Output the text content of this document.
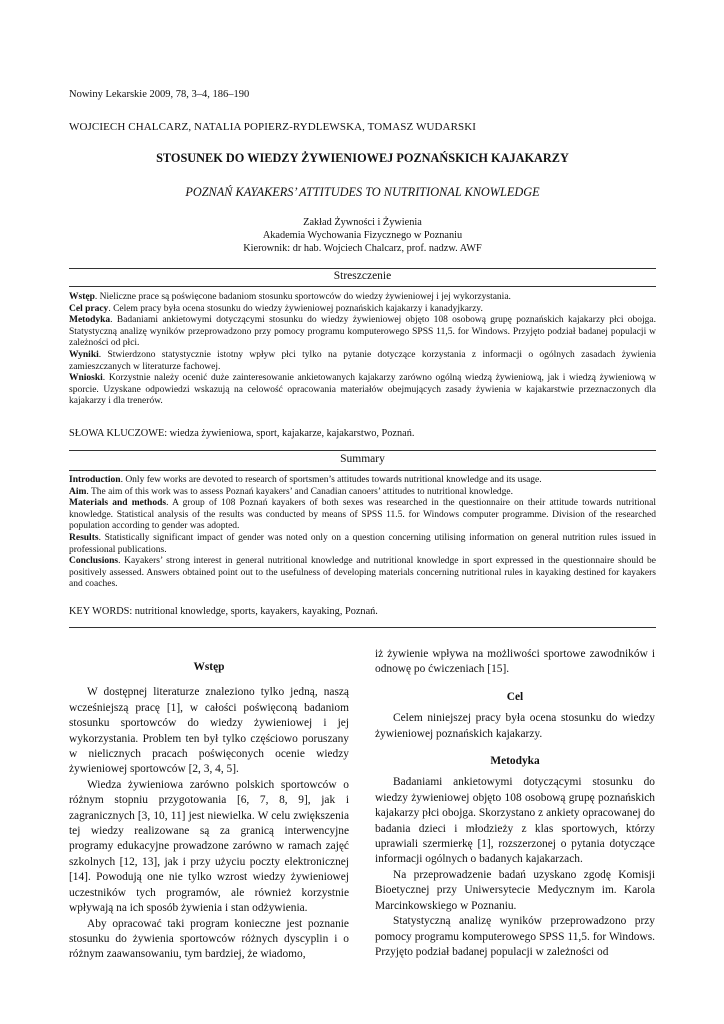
Nowiny Lekarskie 2009, 78, 3–4, 186–190
WOJCIECH CHALCARZ, NATALIA POPIERZ-RYDLEWSKA, TOMASZ WUDARSKI
STOSUNEK DO WIEDZY ŻYWIENIOWEJ POZNAŃSKICH KAJAKARZY
POZNAŃ KAYAKERS’ ATTITUDES TO NUTRITIONAL KNOWLEDGE
Zakład Żywności i Żywienia
Akademia Wychowania Fizycznego w Poznaniu
Kierownik: dr hab. Wojciech Chalcarz, prof. nadzw. AWF
Streszczenie

Wstęp. Nieliczne prace są poświęcone badaniom stosunku sportowców do wiedzy żywieniowej i jej wykorzystania.

Cel pracy. Celem pracy była ocena stosunku do wiedzy żywieniowej poznańskich kajakarzy i kanadyjkarzy.

Metodyka. Badaniami ankietowymi dotyczącymi stosunku do wiedzy żywieniowej objęto 108 osobową grupę poznańskich kajakarzy płci obojga. Statystyczną analizę wyników przeprowadzono przy pomocy programu komputerowego SPSS 11,5. for Windows. Przyjęto podział badanej populacji w zależności od płci.

Wyniki. Stwierdzono statystycznie istotny wpływ płci tylko na pytanie dotyczące korzystania z informacji o ogólnych zasadach żywienia zamieszczanych w literaturze fachowej.

Wnioski. Korzystnie należy ocenić duże zainteresowanie ankietowanych kajakarzy zarówno ogólną wiedzą żywieniową, jak i wiedzą żywieniową w sporcie. Uzyskane odpowiedzi wskazują na celowość opracowania materiałów obejmujących zasady żywienia w kajakarstwie przeznaczonych dla kajakarzy i dla trenerów.

SŁOWA KLUCZOWE: wiedza żywieniowa, sport, kajakarze, kajakarstwo, Poznań.
Summary

Introduction. Only few works are devoted to research of sportsmen’s attitudes towards nutritional knowledge and its usage.

Aim. The aim of this work was to assess Poznań kayakers’ and Canadian canoers’ attitudes to nutritional knowledge.

Materials and methods. A group of 108 Poznań kayakers of both sexes was researched in the questionnaire on their attitude towards nutritional knowledge. Statistical analysis of the results was conducted by means of SPSS 11.5. for Windows computer programme. Division of the researched population according to gender was adopted.

Results. Statistically significant impact of gender was noted only on a question concerning utilising information on general nutrition rules issued in professional publications.

Conclusions. Kayakers’ strong interest in general nutritional knowledge and nutritional knowledge in sport expressed in the questionnaire should be positively assessed. Answers obtained point out to the usefulness of developing materials concerning nutritional rules in kayaking destined for kayakers and coaches.

KEY WORDS: nutritional knowledge, sports, kayakers, kayaking, Poznań.
Wstęp

W dostępnej literaturze znaleziono tylko jedną, naszą wcześniejszą pracę [1], w całości poświęconą badaniom stosunku sportowców do wiedzy żywieniowej i jej wykorzystania. Problem ten był tylko częściowo poruszany w nielicznych pracach poświęconych ocenie wiedzy żywieniowej sportowców [2, 3, 4, 5].

Wiedza żywieniowa zarówno polskich sportowców o różnym stopniu przygotowania [6, 7, 8, 9], jak i zagranicznych [3, 10, 11] jest niewielka. W celu zwiększenia tej wiedzy realizowane są za granicą interwencyjne programy edukacyjne prowadzone zarówno w ramach zajęć szkolnych [12, 13], jak i przy użyciu poczty elektronicznej [14]. Powodują one nie tylko wzrost wiedzy żywieniowej uczestników tych programów, ale również korzystnie wpływają na ich sposób żywienia i stan odżywienia.

Aby opracować taki program konieczne jest poznanie stosunku do żywienia sportowców różnych dyscyplin i o różnym zaawansowaniu, tym bardziej, że wiadomo,

iż żywienie wpływa na możliwości sportowe zawodników i odnowę po ćwiczeniach [15].

Cel

Celem niniejszej pracy była ocena stosunku do wiedzy żywieniowej poznańskich kajakarzy.

Metodyka

Badaniami ankietowymi dotyczącymi stosunku do wiedzy żywieniowej objęto 108 osobową grupę poznańskich kajakarzy płci obojga. Skorzystano z ankiety opracowanej do badania dzieci i młodzieży z klas sportowych, którzy uprawiali szermierkę [1], rozszerzonej o pytania dotyczące informacji ogólnych o badanych kajakarzach.

Na przeprowadzenie badań uzyskano zgodę Komisji Bioetycznej przy Uniwersytecie Medycznym im. Karola Marcinkowskiego w Poznaniu.

Statystyczną analizę wyników przeprowadzono przy pomocy programu komputerowego SPSS 11,5. for Windows. Przyjęto podział badanej populacji w zależności od
